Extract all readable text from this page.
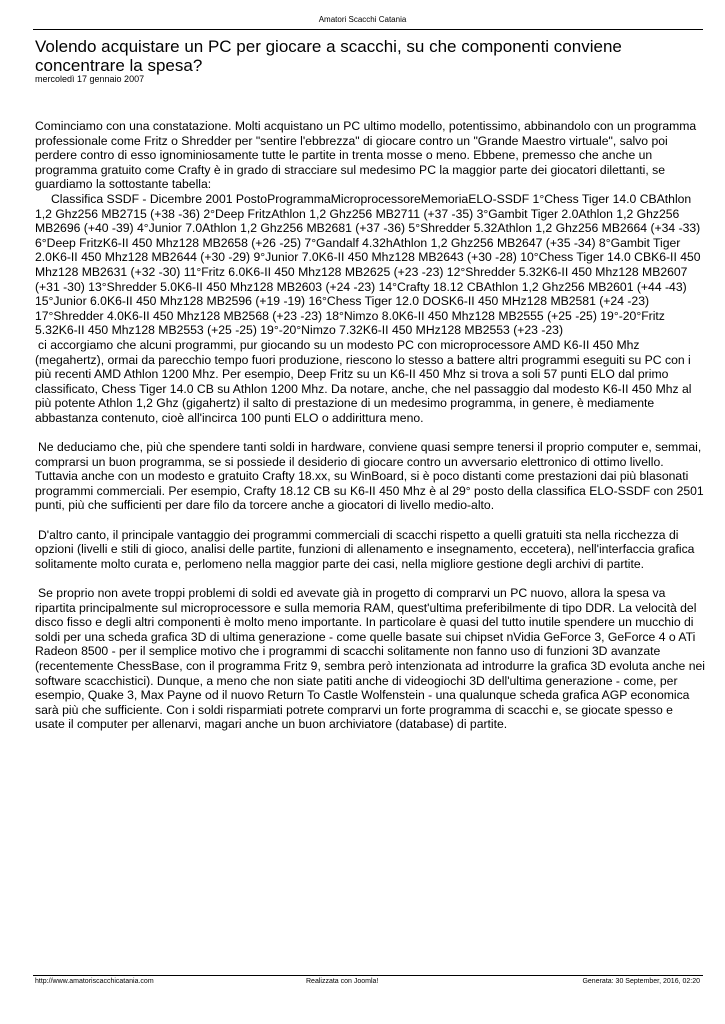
Amatori Scacchi Catania
Volendo acquistare un PC per giocare a scacchi, su che componenti conviene concentrare la spesa?
mercoledì 17 gennaio 2007

Cominciamo con una constatazione. Molti acquistano un PC ultimo modello, potentissimo, abbinandolo con un programma professionale come Fritz o Shredder per "sentire l'ebbrezza" di giocare contro un "Grande Maestro virtuale", salvo poi perdere contro di esso ignominiosamente tutte le partite in trenta mosse o meno. Ebbene, premesso che anche un programma gratuito come Crafty è in grado di stracciare sul medesimo PC la maggior parte dei giocatori dilettanti, se guardiamo la sottostante tabella:

Classifica SSDF - Dicembre 2001 PostoProgrammaMicroprocessoreMemoriaELO-SSDF 1°Chess Tiger 14.0 CBAthlon 1,2 Ghz256 MB2715 (+38 -36) 2°Deep FritzAthlon 1,2 Ghz256 MB2711 (+37 -35) 3°Gambit Tiger 2.0Athlon 1,2 Ghz256 MB2696 (+40 -39) 4°Junior 7.0Athlon 1,2 Ghz256 MB2681 (+37 -36) 5°Shredder 5.32Athlon 1,2 Ghz256 MB2664 (+34 -33) 6°Deep FritzK6-II 450 Mhz128 MB2658 (+26 -25) 7°Gandalf 4.32hAthlon 1,2 Ghz256 MB2647 (+35 -34) 8°Gambit Tiger 2.0K6-II 450 Mhz128 MB2644 (+30 -29) 9°Junior 7.0K6-II 450 Mhz128 MB2643 (+30 -28) 10°Chess Tiger 14.0 CBK6-II 450 Mhz128 MB2631 (+32 -30) 11°Fritz 6.0K6-II 450 Mhz128 MB2625 (+23 -23) 12°Shredder 5.32K6-II 450 Mhz128 MB2607 (+31 -30) 13°Shredder 5.0K6-II 450 Mhz128 MB2603 (+24 -23) 14°Crafty 18.12 CBAthlon 1,2 Ghz256 MB2601 (+44 -43) 15°Junior 6.0K6-II 450 Mhz128 MB2596 (+19 -19) 16°Chess Tiger 12.0 DOSK6-II 450 MHz128 MB2581 (+24 -23) 17°Shredder 4.0K6-II 450 Mhz128 MB2568 (+23 -23) 18°Nimzo 8.0K6-II 450 Mhz128 MB2555 (+25 -25) 19°-20°Fritz 5.32K6-II 450 Mhz128 MB2553 (+25 -25) 19°-20°Nimzo 7.32K6-II 450 MHz128 MB2553 (+23 -23)

ci accorgiamo che alcuni programmi, pur giocando su un modesto PC con microprocessore AMD K6-II 450 Mhz (megahertz), ormai da parecchio tempo fuori produzione, riescono lo stesso a battere altri programmi eseguiti su PC con i più recenti AMD Athlon 1200 Mhz. Per esempio, Deep Fritz su un K6-II 450 Mhz si trova a soli 57 punti ELO dal primo classificato, Chess Tiger 14.0 CB su Athlon 1200 Mhz. Da notare, anche, che nel passaggio dal modesto K6-II 450 Mhz al più potente Athlon 1,2 Ghz (gigahertz) il salto di prestazione di un medesimo programma, in genere, è mediamente abbastanza contenuto, cioè all'incirca 100 punti ELO o addirittura meno.

Ne deduciamo che, più che spendere tanti soldi in hardware, conviene quasi sempre tenersi il proprio computer e, semmai, comprarsi un buon programma, se si possiede il desiderio di giocare contro un avversario elettronico di ottimo livello. Tuttavia anche con un modesto e gratuito Crafty 18.xx, su WinBoard, si è poco distanti come prestazioni dai più blasonati programmi commerciali. Per esempio, Crafty 18.12 CB su K6-II 450 Mhz è al 29° posto della classifica ELO-SSDF con 2501 punti, più che sufficienti per dare filo da torcere anche a giocatori di livello medio-alto.

D'altro canto, il principale vantaggio dei programmi commerciali di scacchi rispetto a quelli gratuiti sta nella ricchezza di opzioni (livelli e stili di gioco, analisi delle partite, funzioni di allenamento e insegnamento, eccetera), nell'interfaccia grafica solitamente molto curata e, perlomeno nella maggior parte dei casi, nella migliore gestione degli archivi di partite.

Se proprio non avete troppi problemi di soldi ed avevate già in progetto di comprarvi un PC nuovo, allora la spesa va ripartita principalmente sul microprocessore e sulla memoria RAM, quest'ultima preferibilmente di tipo DDR. La velocità del disco fisso e degli altri componenti è molto meno importante. In particolare è quasi del tutto inutile spendere un mucchio di soldi per una scheda grafica 3D di ultima generazione - come quelle basate sui chipset nVidia GeForce 3, GeForce 4 o ATi Radeon 8500 - per il semplice motivo che i programmi di scacchi solitamente non fanno uso di funzioni 3D avanzate (recentemente ChessBase, con il programma Fritz 9, sembra però intenzionata ad introdurre la grafica 3D evoluta anche nei software scacchistici). Dunque, a meno che non siate patiti anche di videogiochi 3D dell'ultima generazione - come, per esempio, Quake 3, Max Payne od il nuovo Return To Castle Wolfenstein - una qualunque scheda grafica AGP economica sarà più che sufficiente. Con i soldi risparmiati potrete comprarvi un forte programma di scacchi e, se giocate spesso e usate il computer per allenarvi, magari anche un buon archiviatore (database) di partite.

http://www.amatoriscacchicatania.com	Realizzata con Joomla!	Generata: 30 September, 2016, 02:20
